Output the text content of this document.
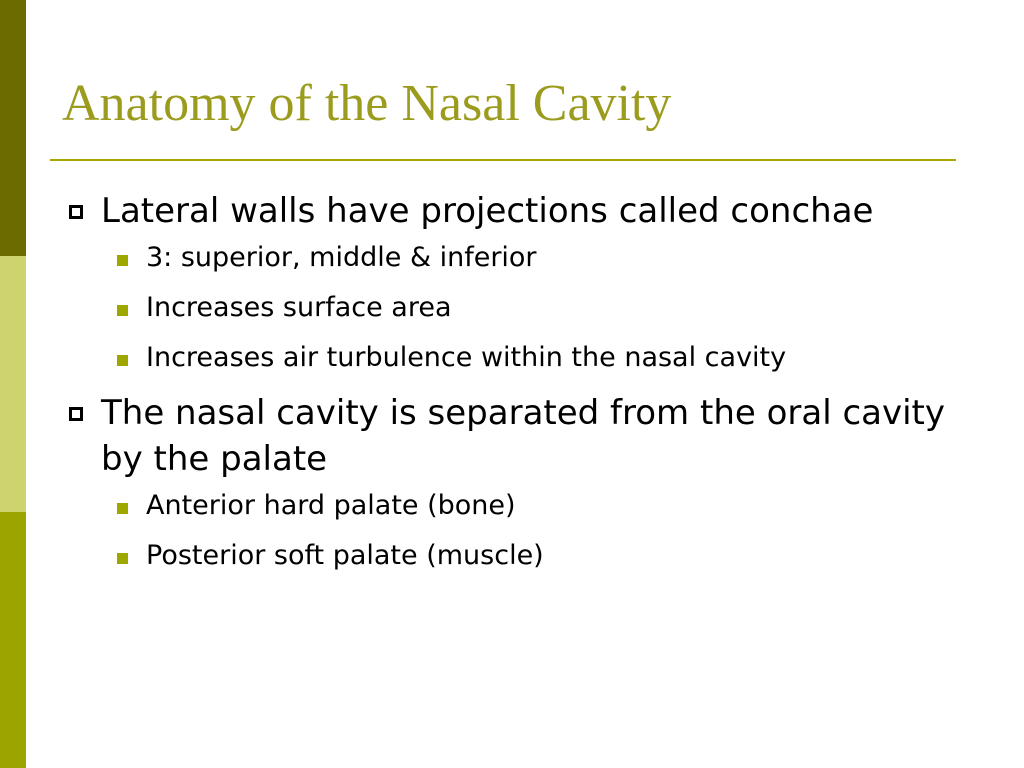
Anatomy of the Nasal Cavity
Lateral walls have projections called conchae
3: superior, middle & inferior
Increases surface area
Increases air turbulence within the nasal cavity
The nasal cavity is separated from the oral cavity by the palate
Anterior hard palate (bone)
Posterior soft palate (muscle)
